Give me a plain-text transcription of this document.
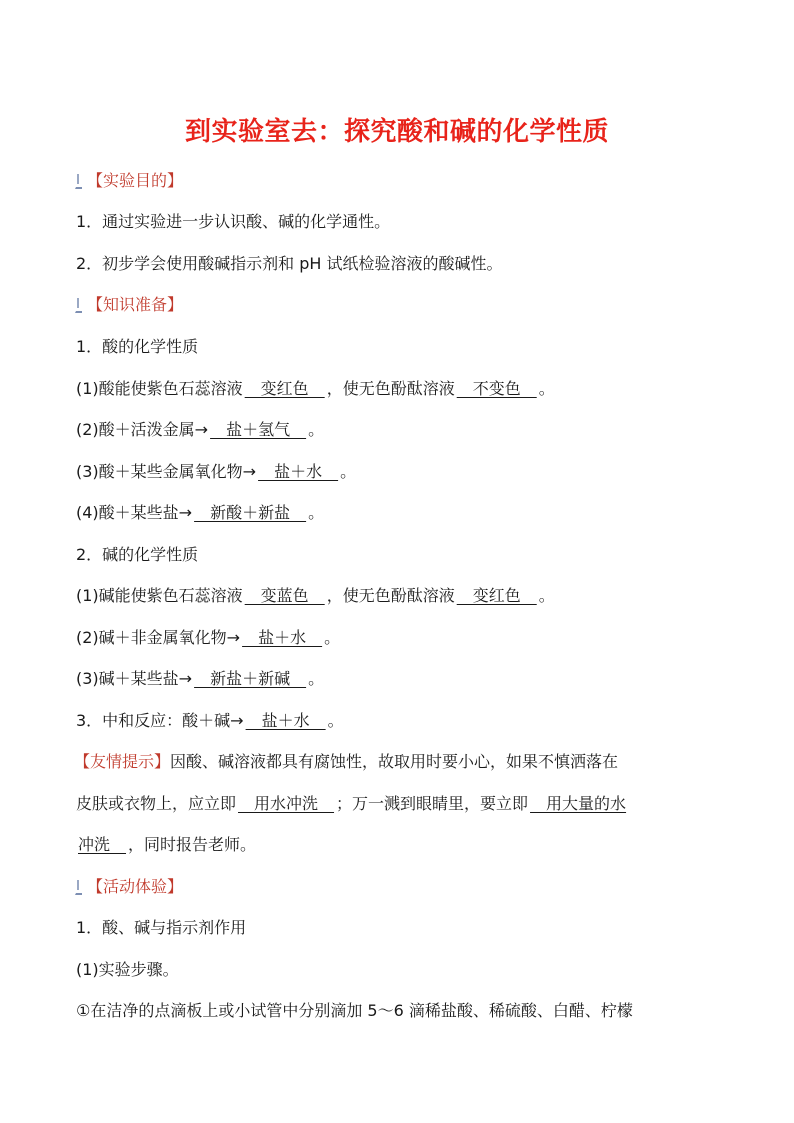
到实验室去：探究酸和碱的化学性质
【实验目的】
1．通过实验进一步认识酸、碱的化学通性。
2．初步学会使用酸碱指示剂和 pH 试纸检验溶液的酸碱性。
【知识准备】
1．酸的化学性质
(1)酸能使紫色石蕊溶液　变红色　，使无色酚酞溶液　不变色　。
(2)酸＋活泼金属→　盐＋氢气　。
(3)酸＋某些金属氧化物→　盐＋水　。
(4)酸＋某些盐→　新酸＋新盐　。
2．碱的化学性质
(1)碱能使紫色石蕊溶液　变蓝色　，使无色酚酞溶液　变红色　。
(2)碱＋非金属氧化物→　盐＋水　。
(3)碱＋某些盐→　新盐＋新碱　。
3．中和反应：酸＋碱→　盐＋水　。
【友情提示】因酸、碱溶液都具有腐蚀性，故取用时要小心，如果不慎洒落在
皮肤或衣物上，应立即　用水冲洗　；万一溅到眼睛里，要立即　用大量的水
冲洗　，同时报告老师。
【活动体验】
1．酸、碱与指示剂作用
(1)实验步骤。
①在洁净的点滴板上或小试管中分别滴加 5～6 滴稀盐酸、稀硫酸、白醋、柠檬
